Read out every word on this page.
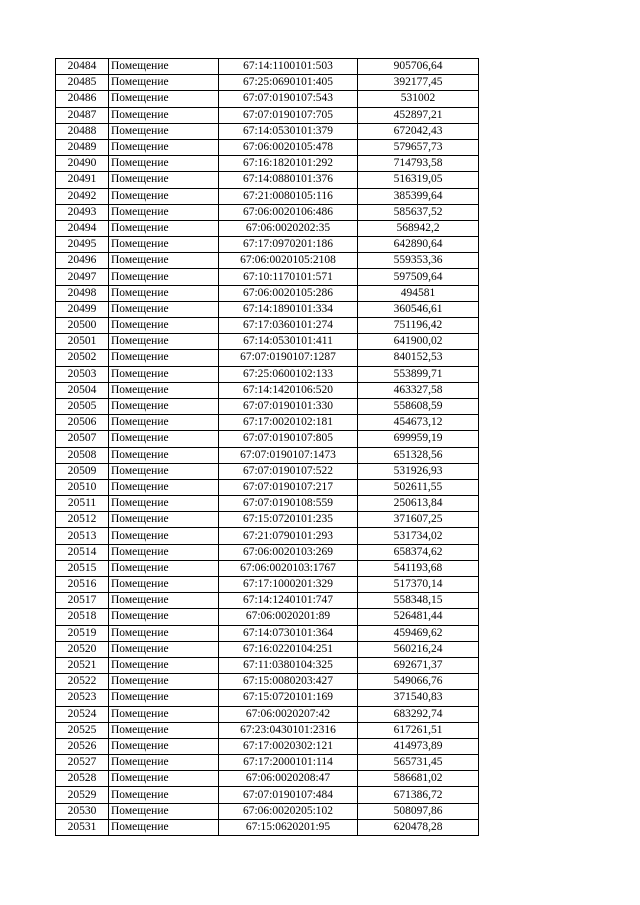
20484	Помещение	67:14:1100101:503	905706,64
20485	Помещение	67:25:0690101:405	392177,45
20486	Помещение	67:07:0190107:543	531002
20487	Помещение	67:07:0190107:705	452897,21
20488	Помещение	67:14:0530101:379	672042,43
20489	Помещение	67:06:0020105:478	579657,73
20490	Помещение	67:16:1820101:292	714793,58
20491	Помещение	67:14:0880101:376	516319,05
20492	Помещение	67:21:0080105:116	385399,64
20493	Помещение	67:06:0020106:486	585637,52
20494	Помещение	67:06:0020202:35	568942,2
20495	Помещение	67:17:0970201:186	642890,64
20496	Помещение	67:06:0020105:2108	559353,36
20497	Помещение	67:10:1170101:571	597509,64
20498	Помещение	67:06:0020105:286	494581
20499	Помещение	67:14:1890101:334	360546,61
20500	Помещение	67:17:0360101:274	751196,42
20501	Помещение	67:14:0530101:411	641900,02
20502	Помещение	67:07:0190107:1287	840152,53
20503	Помещение	67:25:0600102:133	553899,71
20504	Помещение	67:14:1420106:520	463327,58
20505	Помещение	67:07:0190101:330	558608,59
20506	Помещение	67:17:0020102:181	454673,12
20507	Помещение	67:07:0190107:805	699959,19
20508	Помещение	67:07:0190107:1473	651328,56
20509	Помещение	67:07:0190107:522	531926,93
20510	Помещение	67:07:0190107:217	502611,55
20511	Помещение	67:07:0190108:559	250613,84
20512	Помещение	67:15:0720101:235	371607,25
20513	Помещение	67:21:0790101:293	531734,02
20514	Помещение	67:06:0020103:269	658374,62
20515	Помещение	67:06:0020103:1767	541193,68
20516	Помещение	67:17:1000201:329	517370,14
20517	Помещение	67:14:1240101:747	558348,15
20518	Помещение	67:06:0020201:89	526481,44
20519	Помещение	67:14:0730101:364	459469,62
20520	Помещение	67:16:0220104:251	560216,24
20521	Помещение	67:11:0380104:325	692671,37
20522	Помещение	67:15:0080203:427	549066,76
20523	Помещение	67:15:0720101:169	371540,83
20524	Помещение	67:06:0020207:42	683292,74
20525	Помещение	67:23:0430101:2316	617261,51
20526	Помещение	67:17:0020302:121	414973,89
20527	Помещение	67:17:2000101:114	565731,45
20528	Помещение	67:06:0020208:47	586681,02
20529	Помещение	67:07:0190107:484	671386,72
20530	Помещение	67:06:0020205:102	508097,86
20531	Помещение	67:15:0620201:95	620478,28
